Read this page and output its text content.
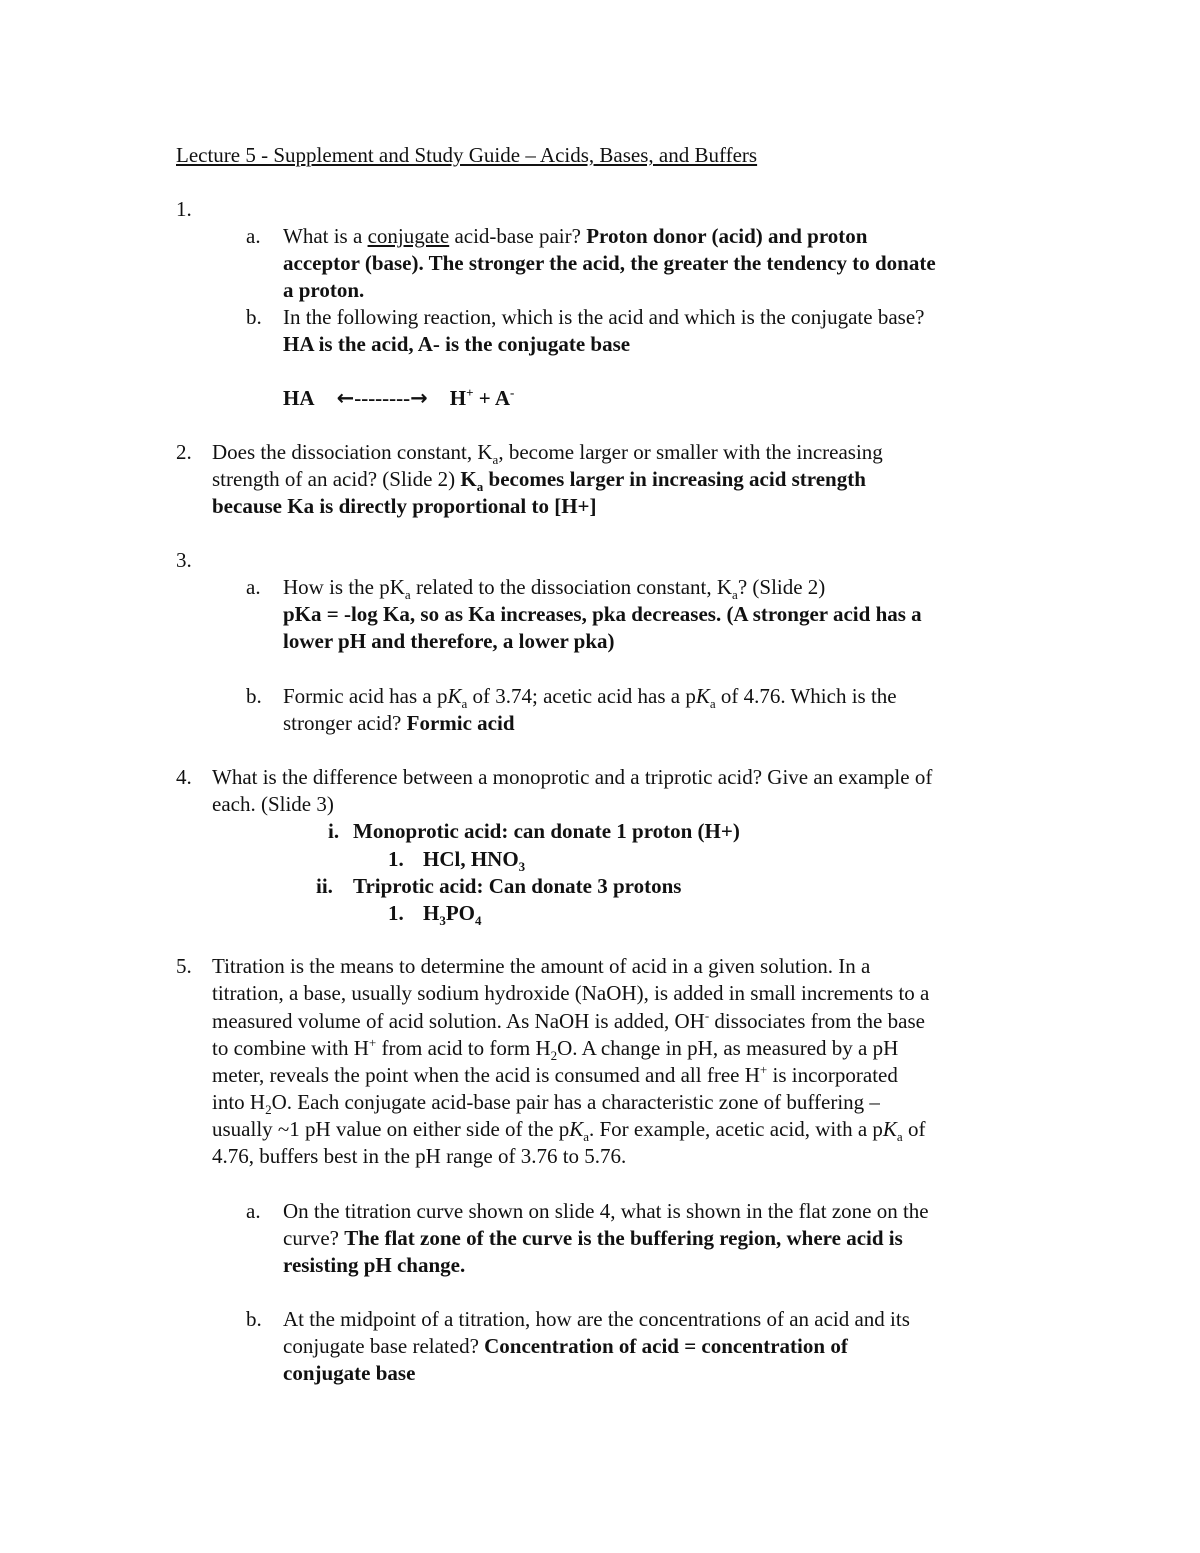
Lecture 5 - Supplement and Study Guide – Acids, Bases, and Buffers
1.
a.	What is a conjugate acid-base pair? Proton donor (acid) and proton
acceptor (base). The stronger the acid, the greater the tendency to donate
a proton.
b.	In the following reaction, which is the acid and which is the conjugate base?
HA is the acid, A- is the conjugate base
HA ←--------→ H+ + A-
2. Does the dissociation constant, $K_a$, become larger or smaller with the increasing
strength of an acid? (Slide 2) $K_a$ becomes larger in increasing acid strength
because Ka is directly proportional to [H+]
3.
a.	How is the $pK_a$ related to the dissociation constant, $K_a$? (Slide 2)
pKa = -log Ka, so as Ka increases, pka decreases. (A stronger acid has a
lower pH and therefore, a lower pka)
b.	Formic acid has a $pK_a$ of 3.74; acetic acid has a $pK_a$ of 4.76. Which is the
stronger acid? Formic acid
4. What is the difference between a monoprotic and a triprotic acid? Give an example of
each. (Slide 3)
i. Monoprotic acid: can donate 1 proton (H+)
1. HCl, $HNO_3$
ii. Triprotic acid: Can donate 3 protons
1. $H_3PO_4$
5. Titration is the means to determine the amount of acid in a given solution. In a
titration, a base, usually sodium hydroxide (NaOH), is added in small increments to a
measured volume of acid solution. As NaOH is added, OH- dissociates from the base
to combine with H+ from acid to form $H_2O$. A change in pH, as measured by a pH
meter, reveals the point when the acid is consumed and all free H+ is incorporated
into $H_2O$. Each conjugate acid-base pair has a characteristic zone of buffering –
usually ~1 pH value on either side of the $pK_a$. For example, acetic acid, with a $pK_a$ of
4.76, buffers best in the pH range of 3.76 to 5.76.
a.	On the titration curve shown on slide 4, what is shown in the flat zone on the
curve? The flat zone of the curve is the buffering region, where acid is
resisting pH change.
b.	At the midpoint of a titration, how are the concentrations of an acid and its
conjugate base related? Concentration of acid = concentration of
conjugate base
